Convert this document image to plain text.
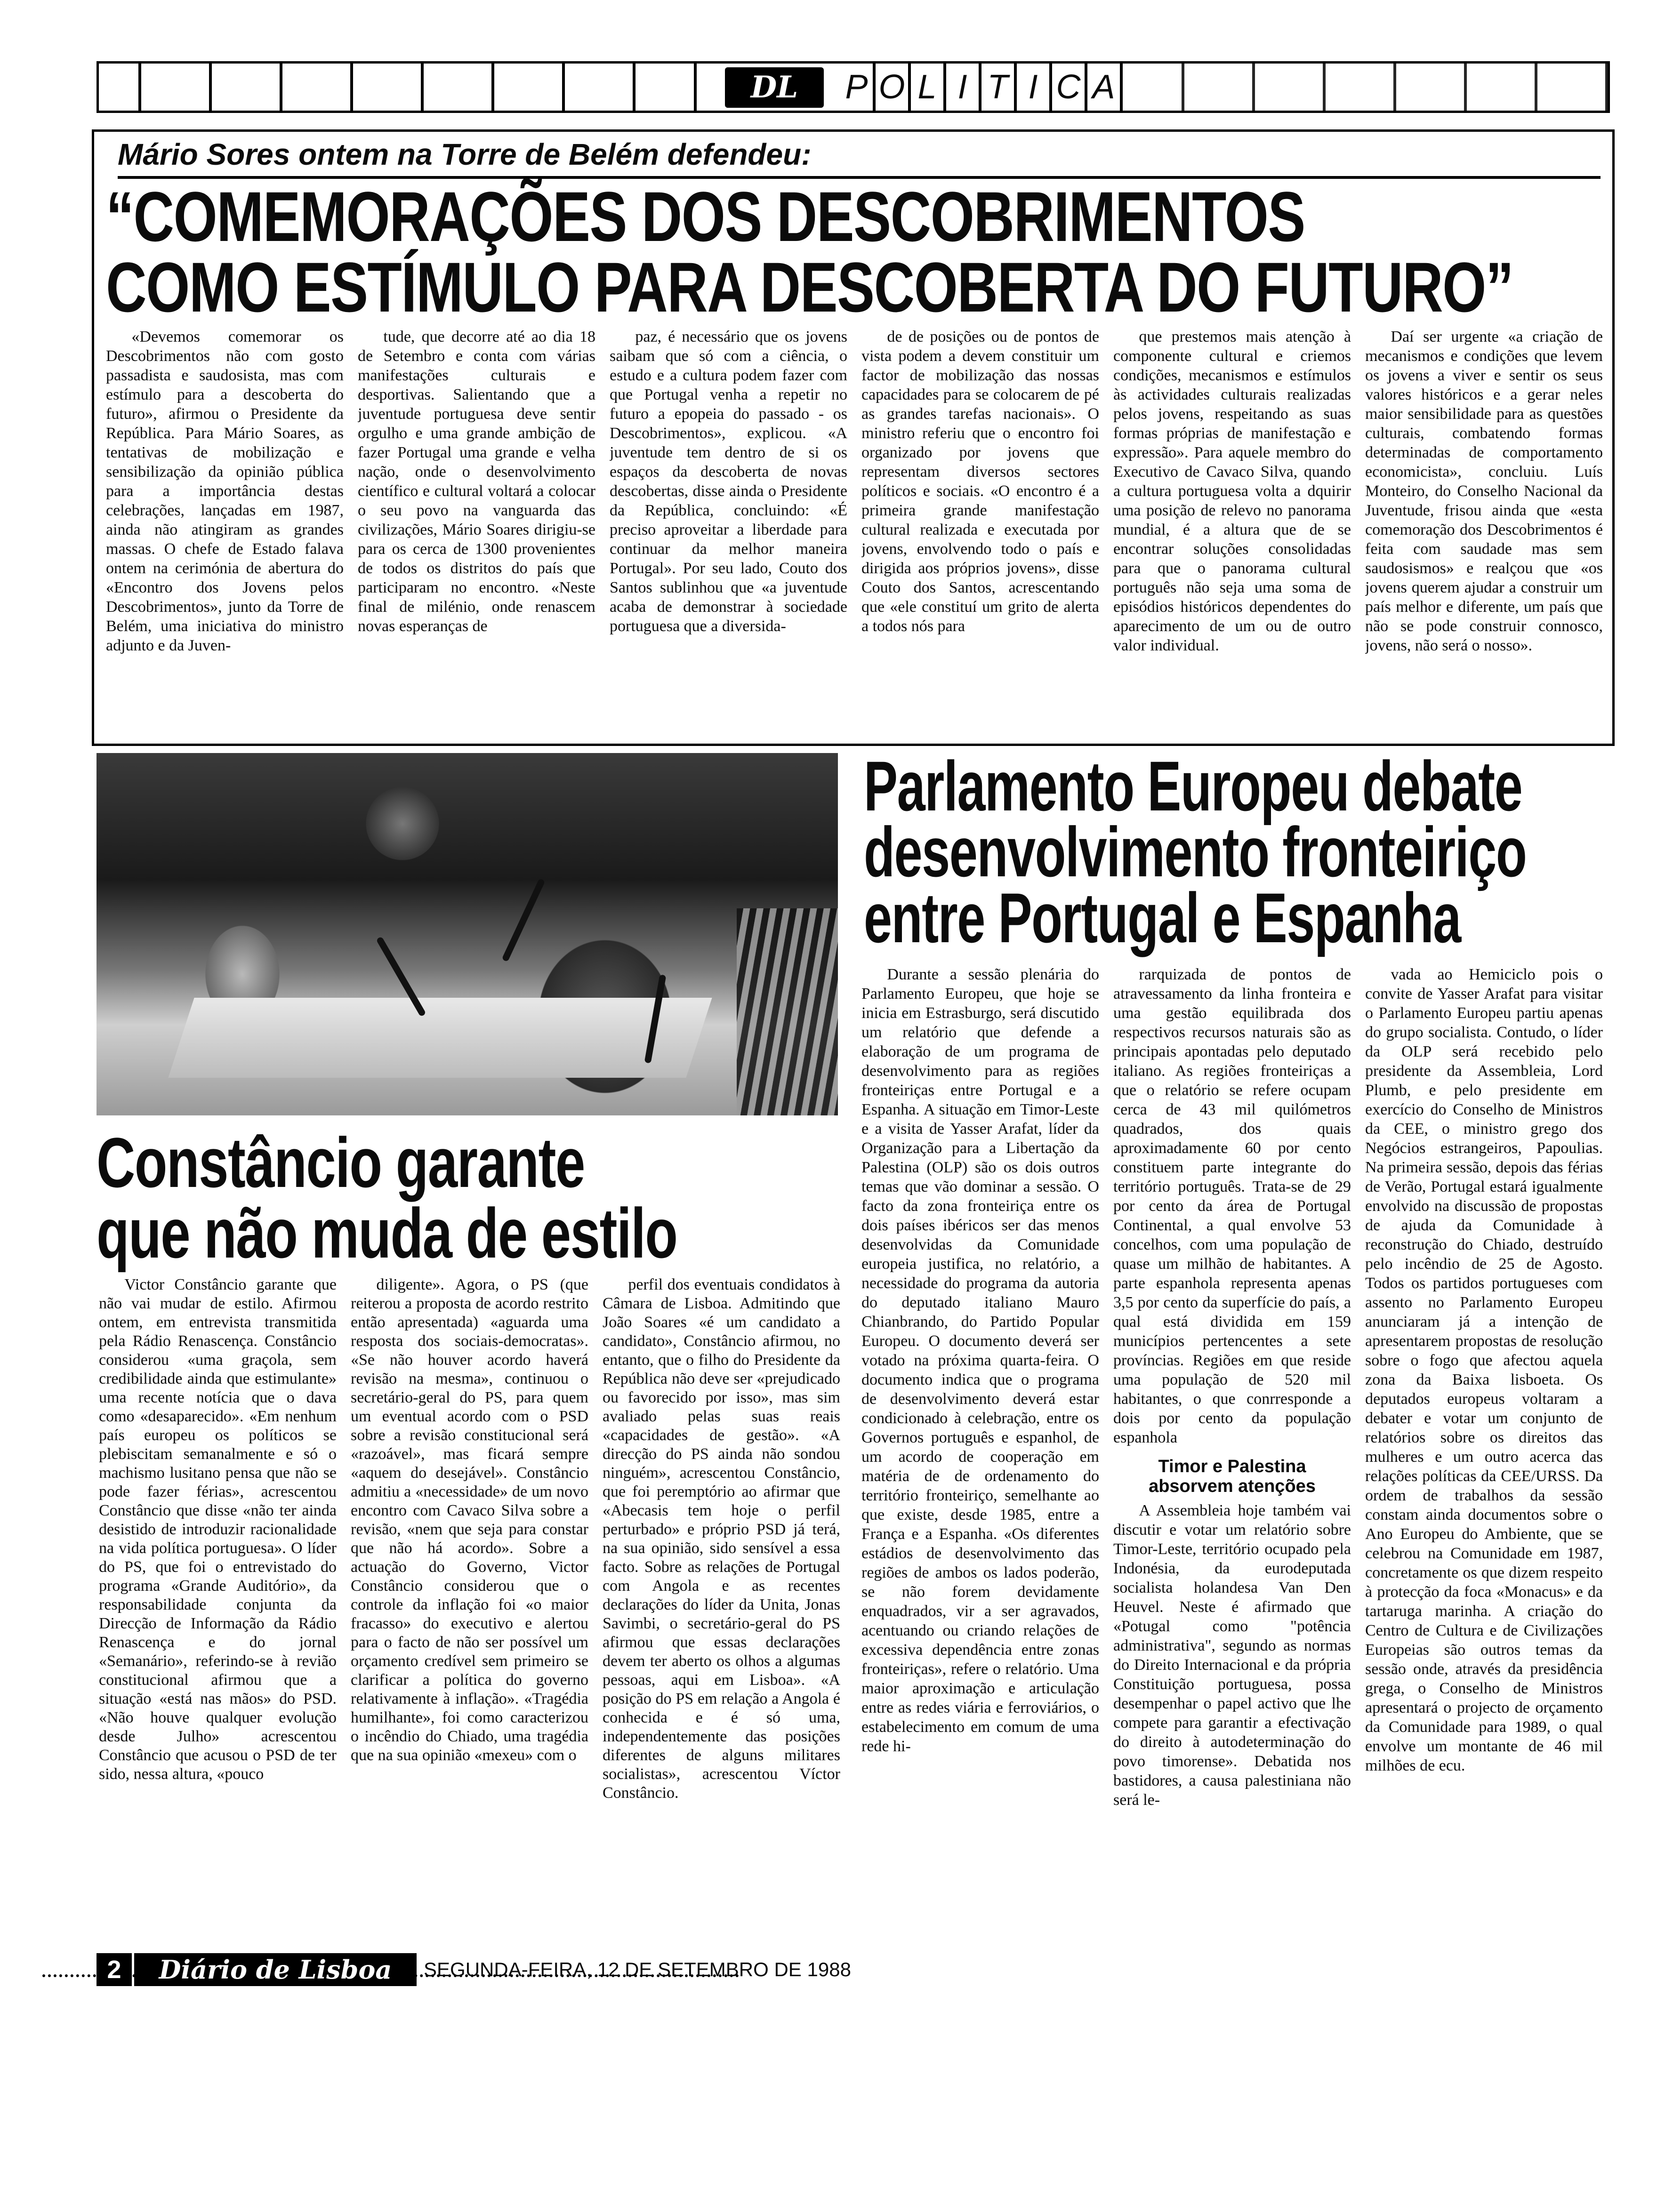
DL	P O L I T I C A
Mário Sores ontem na Torre de Belém defendeu:
“COMEMORAÇÕES DOS DESCOBRIMENTOS
COMO ESTÍMULO PARA DESCOBERTA DO FUTURO”

«Devemos comemorar os Descobrimentos não com gosto passadista e saudosista, mas com estímulo para a descoberta do futuro», afirmou o Presidente da República. Para Mário Soares, as tentativas de mobilização e sensibilização da opinião pública para a importância destas celebrações, lançadas em 1987, ainda não atingiram as grandes massas. O chefe de Estado falava ontem na cerimónia de abertura do «Encontro dos Jovens pelos Descobrimentos», junto da Torre de Belém, uma iniciativa do ministro adjunto e da Juven-

tude, que decorre até ao dia 18 de Setembro e conta com várias manifestações culturais e desportivas. Salientando que a juventude portuguesa deve sentir orgulho e uma grande ambição de fazer Portugal uma grande e velha nação, onde o desenvolvimento científico e cultural voltará a colocar o seu povo na vanguarda das civilizações, Mário Soares dirigiu-se para os cerca de 1300 provenientes de todos os distritos do país que participaram no encontro. «Neste final de milénio, onde renascem novas esperanças de

paz, é necessário que os jovens saibam que só com a ciência, o estudo e a cultura podem fazer com que Portugal venha a repetir no futuro a epopeia do passado - os Descobrimentos», explicou. «A juventude tem dentro de si os espaços da descoberta de novas descobertas, disse ainda o Presidente da República, concluindo: «É preciso aproveitar a liberdade para continuar da melhor maneira Portugal». Por seu lado, Couto dos Santos sublinhou que «a juventude acaba de demonstrar à sociedade portuguesa que a diversida-

de de posições ou de pontos de vista podem a devem constituir um factor de mobilização das nossas capacidades para se colocarem de pé as grandes tarefas nacionais». O ministro referiu que o encontro foi organizado por jovens que representam diversos sectores políticos e sociais. «O encontro é a primeira grande manifestação cultural realizada e executada por jovens, envolvendo todo o país e dirigida aos próprios jovens», disse Couto dos Santos, acrescentando que «ele constituí um grito de alerta a todos nós para

que prestemos mais atenção à componente cultural e criemos condições, mecanismos e estímulos às actividades culturais realizadas pelos jovens, respeitando as suas formas próprias de manifestação e expressão». Para aquele membro do Executivo de Cavaco Silva, quando a cultura portuguesa volta a dquirir uma posição de relevo no panorama mundial, é a altura que de se encontrar soluções consolidadas para que o panorama cultural português não seja uma soma de episódios históricos dependentes do aparecimento de um ou de outro valor individual.

Daí ser urgente «a criação de mecanismos e condições que levem os jovens a viver e sentir os seus valores históricos e a gerar neles maior sensibilidade para as questões culturais, combatendo formas determinadas de comportamento economicista», concluiu. Luís Monteiro, do Conselho Nacional da Juventude, frisou ainda que «esta comemoração dos Descobrimentos é feita com saudade mas sem saudosismos» e realçou que «os jovens querem ajudar a construir um país melhor e diferente, um país que não se pode construir connosco, jovens, não será o nosso».

Constâncio garante
que não muda de estilo

Victor Constâncio garante que não vai mudar de estilo. Afirmou ontem, em entrevista transmitida pela Rádio Renascença. Constâncio considerou «uma graçola, sem credibilidade ainda que estimulante» uma recente notícia que o dava como «desaparecido». «Em nenhum país europeu os políticos se plebiscitam semanalmente e só o machismo lusitano pensa que não se pode fazer férias», acrescentou Constâncio que disse «não ter ainda desistido de introduzir racionalidade na vida política portuguesa». O líder do PS, que foi o entrevistado do programa «Grande Auditório», da responsabilidade conjunta da Direcção de Informação da Rádio Renascença e do jornal «Semanário», referindo-se à revião constitucional afirmou que a situação «está nas mãos» do PSD. «Não houve qualquer evolução desde Julho» acrescentou Constâncio que acusou o PSD de ter sido, nessa altura, «pouco

diligente». Agora, o PS (que reiterou a proposta de acordo restrito então apresentada) «aguarda uma resposta dos sociais-democratas». «Se não houver acordo haverá revisão na mesma», continuou o secretário-geral do PS, para quem um eventual acordo com o PSD sobre a revisão constitucional será «razoável», mas ficará sempre «aquem do desejável». Constâncio admitiu a «necessidade» de um novo encontro com Cavaco Silva sobre a revisão, «nem que seja para constar que não há acordo». Sobre a actuação do Governo, Victor Constâncio considerou que o controle da inflação foi «o maior fracasso» do executivo e alertou para o facto de não ser possível um orçamento credível sem primeiro se clarificar a política do governo relativamente à inflação». «Tragédia humilhante», foi como caracterizou o incêndio do Chiado, uma tragédia que na sua opinião «mexeu» com o

perfil dos eventuais condidatos à Câmara de Lisboa. Admitindo que João Soares «é um candidato a candidato», Constâncio afirmou, no entanto, que o filho do Presidente da República não deve ser «prejudicado ou favorecido por isso», mas sim avaliado pelas suas reais «capacidades de gestão». «A direcção do PS ainda não sondou ninguém», acrescentou Constâncio, que foi peremptório ao afirmar que «Abecasis tem hoje o perfil perturbado» e próprio PSD já terá, na sua opinião, sido sensível a essa facto. Sobre as relações de Portugal com Angola e as recentes declarações do líder da Unita, Jonas Savimbi, o secretário-geral do PS afirmou que essas declarações devem ter aberto os olhos a algumas pessoas, aqui em Lisboa». «A posição do PS em relação a Angola é conhecida e é só uma, independentemente das posições diferentes de alguns militares socialistas», acrescentou Víctor Constâncio.

Parlamento Europeu debate
desenvolvimento fronteiriço
entre Portugal e Espanha

Durante a sessão plenária do Parlamento Europeu, que hoje se inicia em Estrasburgo, será discutido um relatório que defende a elaboração de um programa de desenvolvimento para as regiões fronteiriças entre Portugal e a Espanha. A situação em Timor-Leste e a visita de Yasser Arafat, líder da Organização para a Libertação da Palestina (OLP) são os dois outros temas que vão dominar a sessão. O facto da zona fronteiriça entre os dois países ibéricos ser das menos desenvolvidas da Comunidade europeia justifica, no relatório, a necessidade do programa da autoria do deputado italiano Mauro Chianbrando, do Partido Popular Europeu. O documento deverá ser votado na próxima quarta-feira. O documento indica que o programa de desenvolvimento deverá estar condicionado à celebração, entre os Governos português e espanhol, de um acordo de cooperação em matéria de de ordenamento do território fronteiriço, semelhante ao que existe, desde 1985, entre a França e a Espanha. «Os diferentes estádios de desenvolvimento das regiões de ambos os lados poderão, se não forem devidamente enquadrados, vir a ser agravados, acentuando ou criando relações de excessiva dependência entre zonas fronteiriças», refere o relatório. Uma maior aproximação e articulação entre as redes viária e ferroviários, o estabelecimento em comum de uma rede hi-

rarquizada de pontos de atravessamento da linha fronteira e uma gestão equilibrada dos respectivos recursos naturais são as principais apontadas pelo deputado italiano. As regiões fronteiriças a que o relatório se refere ocupam cerca de 43 mil quilómetros quadrados, dos quais aproximadamente 60 por cento constituem parte integrante do território português. Trata-se de 29 por cento da área de Portugal Continental, a qual envolve 53 concelhos, com uma população de quase um milhão de habitantes. A parte espanhola representa apenas 3,5 por cento da superfície do país, a qual está dividida em 159 municípios pertencentes a sete províncias. Regiões em que reside uma população de 520 mil habitantes, o que conrresponde a dois por cento da população espanhola

Timor e Palestina
absorvem atenções

A Assembleia hoje também vai discutir e votar um relatório sobre Timor-Leste, território ocupado pela Indonésia, da eurodeputada socialista holandesa Van Den Heuvel. Neste é afirmado que «Potugal como "potência administrativa", segundo as normas do Direito Internacional e da própria Constituição portuguesa, possa desempenhar o papel activo que lhe compete para garantir a efectivação do direito à autodeterminação do povo timorense». Debatida nos bastidores, a causa palestiniana não será le-

vada ao Hemiciclo pois o convite de Yasser Arafat para visitar o Parlamento Europeu partiu apenas do grupo socialista. Contudo, o líder da OLP será recebido pelo presidente da Assembleia, Lord Plumb, e pelo presidente em exercício do Conselho de Ministros da CEE, o ministro grego dos Negócios estrangeiros, Papoulias. Na primeira sessão, depois das férias de Verão, Portugal estará igualmente envolvido na discussão de propostas de ajuda da Comunidade à reconstrução do Chiado, destruído pelo incêndio de 25 de Agosto. Todos os partidos portugueses com assento no Parlamento Europeu anunciaram já a intenção de apresentarem propostas de resolução sobre o fogo que afectou aquela zona da Baixa lisboeta. Os deputados europeus voltaram a debater e votar um conjunto de relatórios sobre os direitos das mulheres e um outro acerca das relações políticas da CEE/URSS. Da ordem de trabalhos da sessão constam ainda documentos sobre o Ano Europeu do Ambiente, que se celebrou na Comunidade em 1987, concretamente os que dizem respeito à protecção da foca «Monacus» e da tartaruga marinha. A criação do Centro de Cultura e de Civilizações Europeias são outros temas da sessão onde, através da presidência grega, o Conselho de Ministros apresentará o projecto de orçamento da Comunidade para 1989, o qual envolve um montante de 46 mil milhões de ecu.

2	Diário de Lisboa	SEGUNDA-FEIRA, 12 DE SETEMBRO DE 1988
